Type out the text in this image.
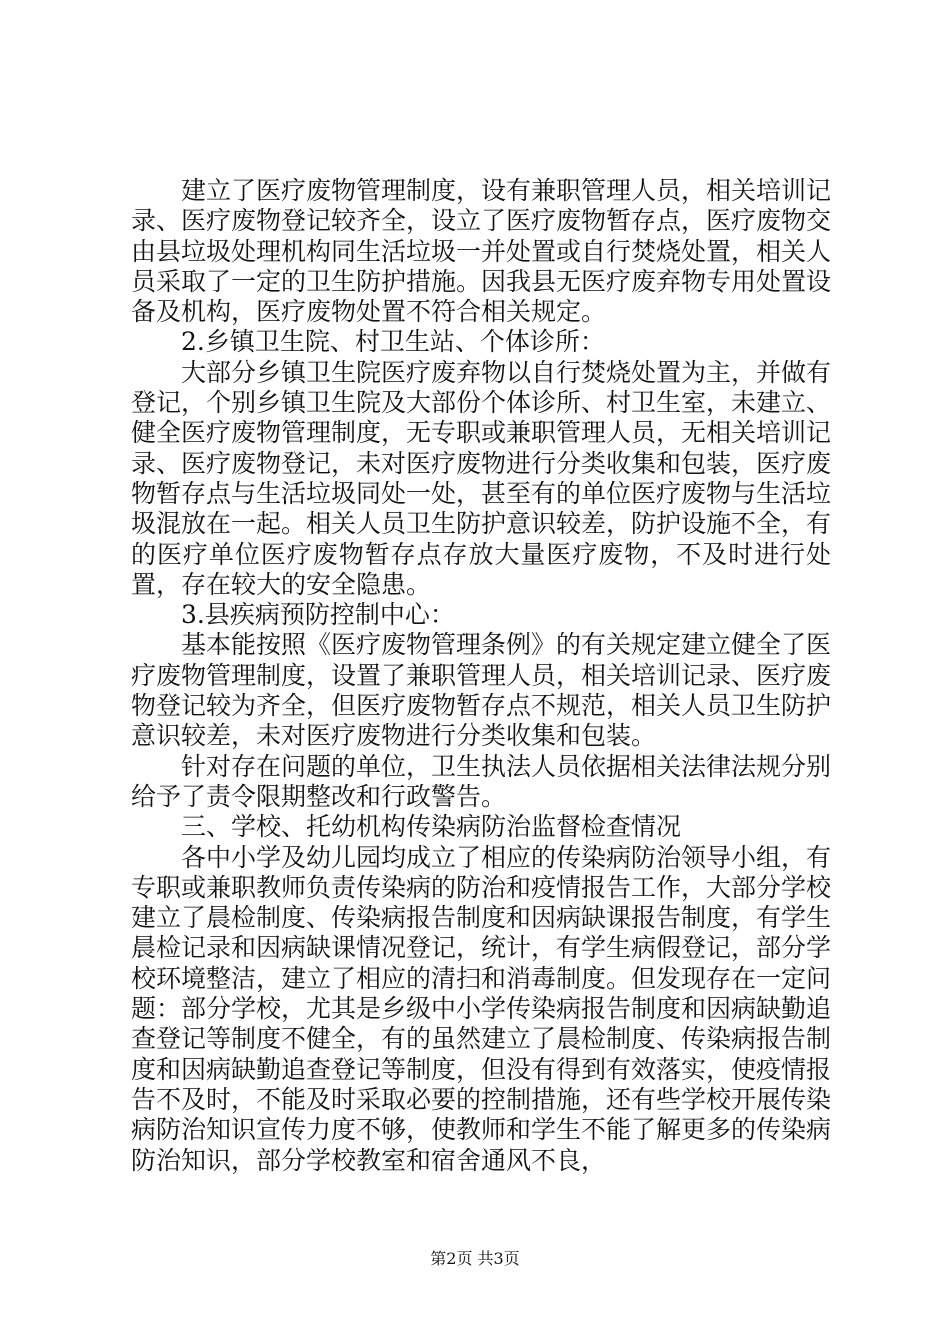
建立了医疗废物管理制度，设有兼职管理人员，相关培训记录、医疗废物登记较齐全，设立了医疗废物暂存点，医疗废物交由县垃圾处理机构同生活垃圾一并处置或自行焚烧处置，相关人员采取了一定的卫生防护措施。因我县无医疗废弃物专用处置设备及机构，医疗废物处置不符合相关规定。

2.乡镇卫生院、村卫生站、个体诊所：

大部分乡镇卫生院医疗废弃物以自行焚烧处置为主，并做有登记，个别乡镇卫生院及大部份个体诊所、村卫生室，未建立、健全医疗废物管理制度，无专职或兼职管理人员，无相关培训记录、医疗废物登记，未对医疗废物进行分类收集和包装，医疗废物暂存点与生活垃圾同处一处，甚至有的单位医疗废物与生活垃圾混放在一起。相关人员卫生防护意识较差，防护设施不全，有的医疗单位医疗废物暂存点存放大量医疗废物，不及时进行处置，存在较大的安全隐患。

3.县疾病预防控制中心：

基本能按照《医疗废物管理条例》的有关规定建立健全了医疗废物管理制度，设置了兼职管理人员，相关培训记录、医疗废物登记较为齐全，但医疗废物暂存点不规范，相关人员卫生防护意识较差，未对医疗废物进行分类收集和包装。

针对存在问题的单位，卫生执法人员依据相关法律法规分别给予了责令限期整改和行政警告。

三、学校、托幼机构传染病防治监督检查情况

各中小学及幼儿园均成立了相应的传染病防治领导小组，有专职或兼职教师负责传染病的防治和疫情报告工作，大部分学校建立了晨检制度、传染病报告制度和因病缺课报告制度，有学生晨检记录和因病缺课情况登记，统计，有学生病假登记，部分学校环境整洁，建立了相应的清扫和消毒制度。但发现存在一定问题：部分学校，尤其是乡级中小学传染病报告制度和因病缺勤追查登记等制度不健全，有的虽然建立了晨检制度、传染病报告制度和因病缺勤追查登记等制度，但没有得到有效落实，使疫情报告不及时，不能及时采取必要的控制措施，还有些学校开展传染病防治知识宣传力度不够，使教师和学生不能了解更多的传染病防治知识，部分学校教室和宿舍通风不良，

第2页 共3页
